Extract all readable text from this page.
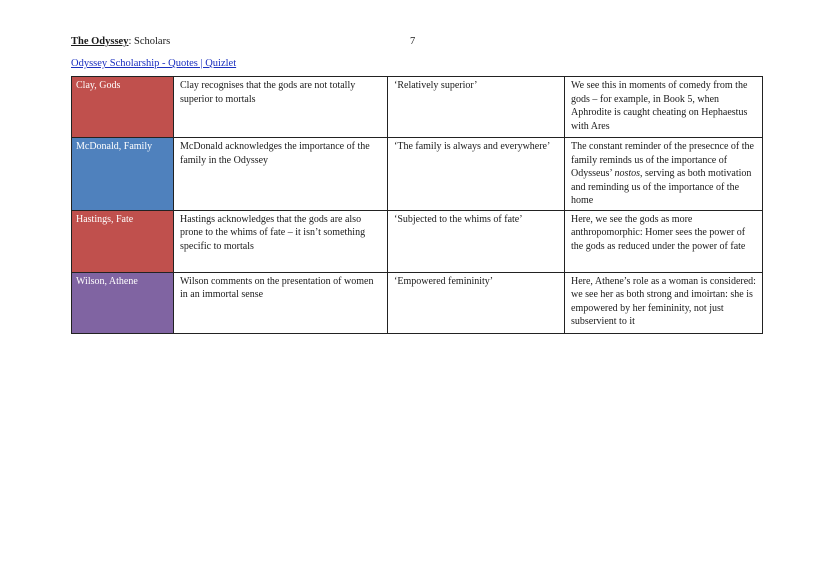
The Odyssey: Scholars	7
Odyssey Scholarship - Quotes | Quizlet
Clay, Gods	Clay recognises that the gods are not totally superior to mortals	‘Relatively superior’	We see this in moments of comedy from the gods – for example, in Book 5, when Aphrodite is caught cheating on Hephaestus with Ares
McDonald, Family	McDonald acknowledges the importance of the family in the Odyssey	‘The family is always and everywhere’	The constant reminder of the presecnce of the family reminds us of the importance of Odysseus’ nostos, serving as both motivation and reminding us of the importance of the home
Hastings, Fate	Hastings acknowledges that the gods are also prone to the whims of fate – it isn’t something specific to mortals	‘Subjected to the whims of fate’	Here, we see the gods as more anthropomorphic: Homer sees the power of the gods as reduced under the power of fate
Wilson, Athene	Wilson comments on the presentation of women in an immortal sense	‘Empowered femininity’	Here, Athene’s role as a woman is considered: we see her as both strong and imoirtan: she is empowered by her femininity, not just subservient to it
